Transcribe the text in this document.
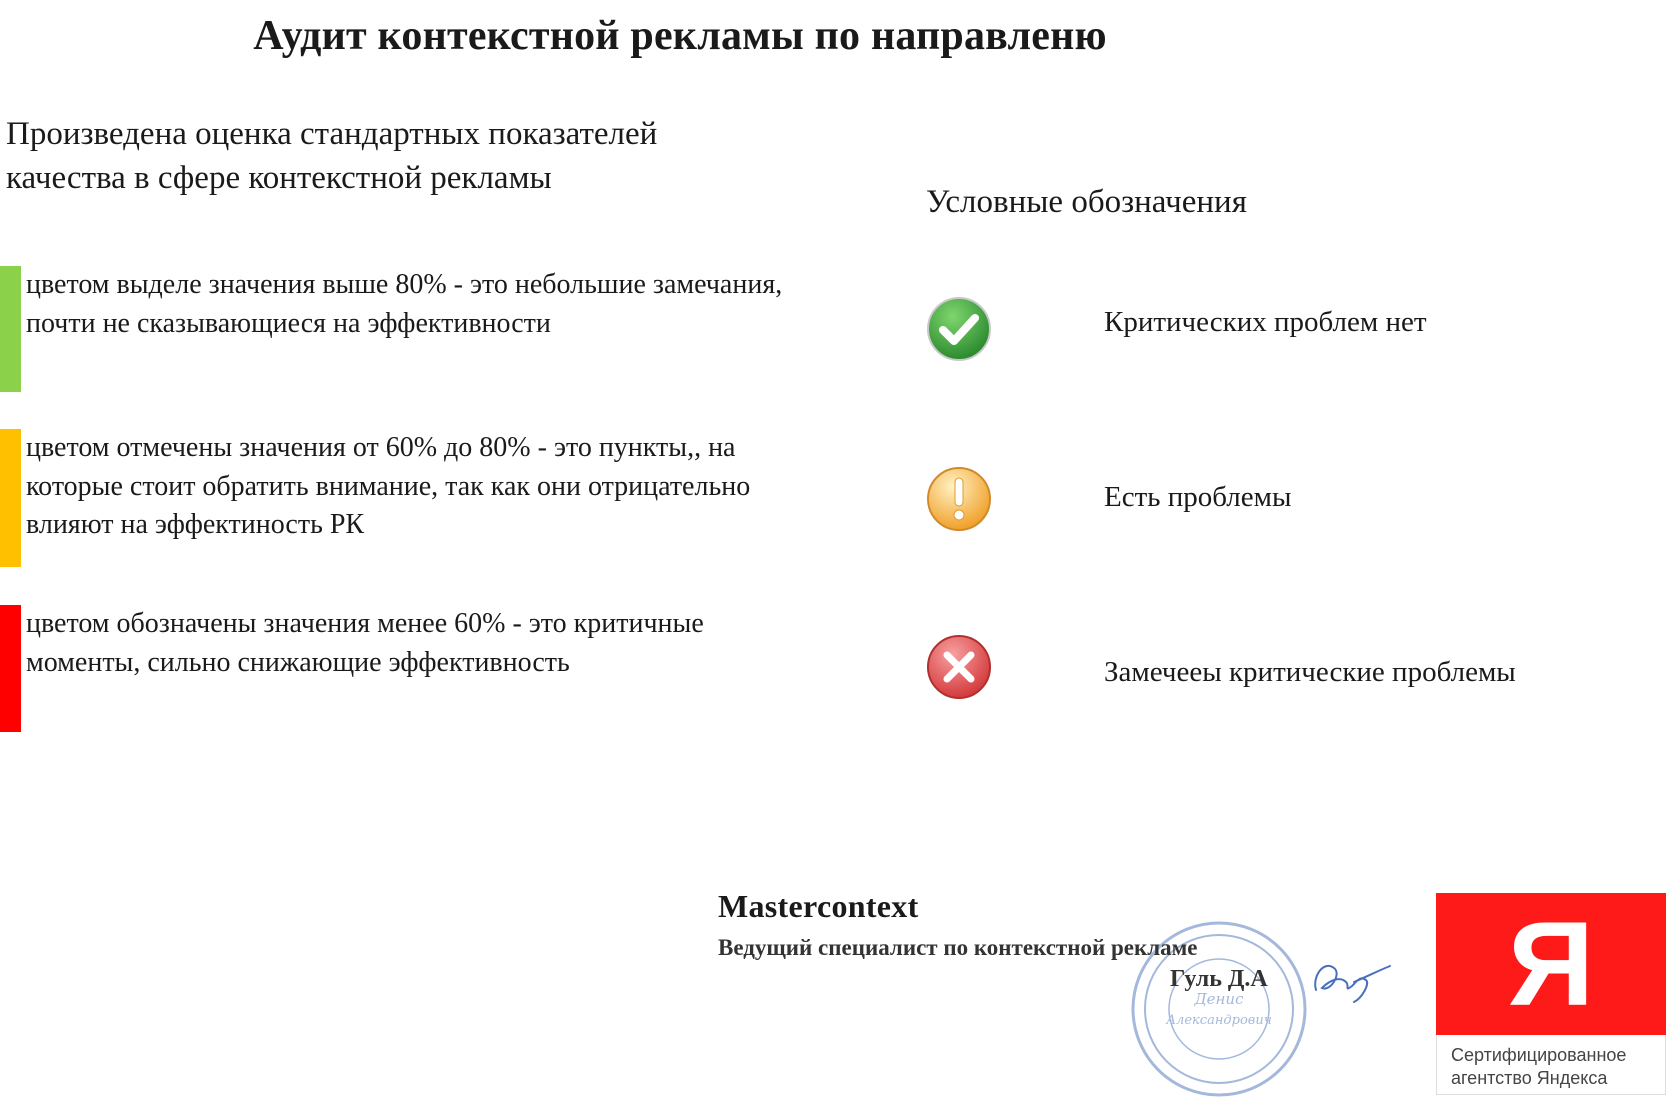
Аудит контекстной рекламы по направленю
Произведена оценка стандартных показателей качества в сфере контекстной рекламы
цветом выделе значения выше 80% - это небольшие замечания, почти не сказывающиеся на эффективности
цветом отмечены значения от 60% до 80% - это пункты,, на которые стоит обратить внимание, так как они отрицательно влияют на эффектиность РК
цветом обозначены значения менее 60% - это критичные моменты, сильно снижающие эффективность
Условные обозначения
Критических проблем нет
Есть проблемы
Замечееы критические проблемы
Денис
Александрович
Mastercontext
Ведущий специалист по контекстной рекламе
Гуль Д.А Я
Сертифицированное агентство Яндекса
